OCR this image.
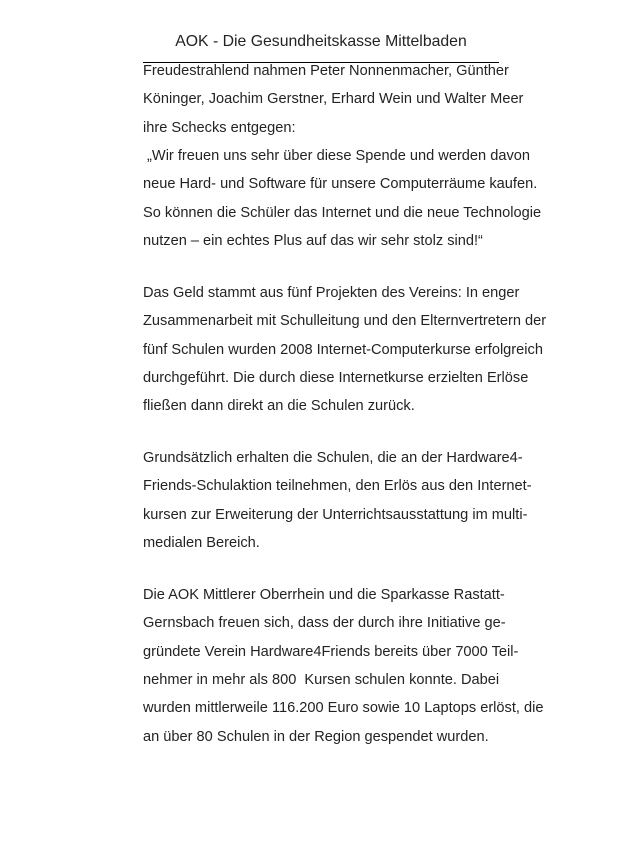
AOK - Die Gesundheitskasse Mittelbaden
Freudestrahlend nahmen Peter Nonnenmacher, Günther
Köninger, Joachim Gerstner, Erhard Wein und Walter Meer
ihre Schecks entgegen:
„Wir freuen uns sehr über diese Spende und werden davon
neue Hard- und Software für unsere Computerräume kaufen.
So können die Schüler das Internet und die neue Technologie
nutzen – ein echtes Plus auf das wir sehr stolz sind!“
Das Geld stammt aus fünf Projekten des Vereins: In enger
Zusammenarbeit mit Schulleitung und den Elternvertretern der
fünf Schulen wurden 2008 Internet-Computerkurse erfolgreich
durchgeführt. Die durch diese Internetkurse erzielten Erlöse
fließen dann direkt an die Schulen zurück.
Grundsätzlich erhalten die Schulen, die an der Hardware4-
Friends-Schulaktion teilnehmen, den Erlös aus den Internet-
kursen zur Erweiterung der Unterrichtsausstattung im multi-
medialen Bereich.
Die AOK Mittlerer Oberrhein und die Sparkasse Rastatt-
Gernsbach freuen sich, dass der durch ihre Initiative ge-
gründete Verein Hardware4Friends bereits über 7000 Teil-
nehmer in mehr als 800  Kursen schulen konnte. Dabei
wurden mittlerweile 116.200 Euro sowie 10 Laptops erlöst, die
an über 80 Schulen in der Region gespendet wurden.
